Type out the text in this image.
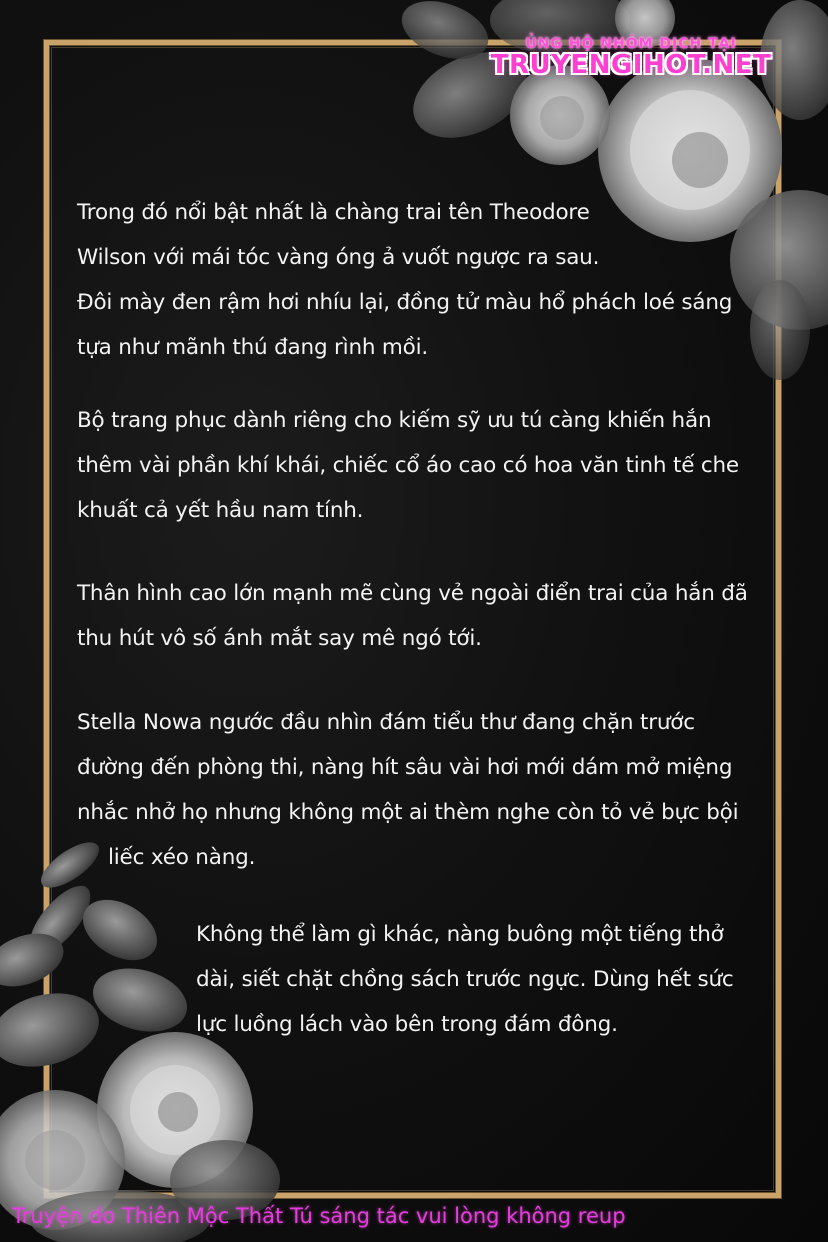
ỦNG HỘ NHÓM DỊCH TẠI
TRUYENGIHOT.NET

Trong đó nổi bật nhất là chàng trai tên Theodore
Wilson với mái tóc vàng óng ả vuốt ngược ra sau.
Đôi mày đen rậm hơi nhíu lại, đồng tử màu hổ phách loé sáng
tựa như mãnh thú đang rình mồi.

Bộ trang phục dành riêng cho kiếm sỹ ưu tú càng khiến hắn
thêm vài phần khí khái, chiếc cổ áo cao có hoa văn tinh tế che
khuất cả yết hầu nam tính.

Thân hình cao lớn mạnh mẽ cùng vẻ ngoài điển trai của hắn đã
thu hút vô số ánh mắt say mê ngó tới.

Stella Nowa ngước đầu nhìn đám tiểu thư đang chặn trước
đường đến phòng thi, nàng hít sâu vài hơi mới dám mở miệng
nhắc nhở họ nhưng không một ai thèm nghe còn tỏ vẻ bực bội

liếc xéo nàng.

Không thể làm gì khác, nàng buông một tiếng thở
dài, siết chặt chồng sách trước ngực. Dùng hết sức
lực luồng lách vào bên trong đám đông.

Truyện do Thiên Mộc Thất Tú sáng tác vui lòng không reup
